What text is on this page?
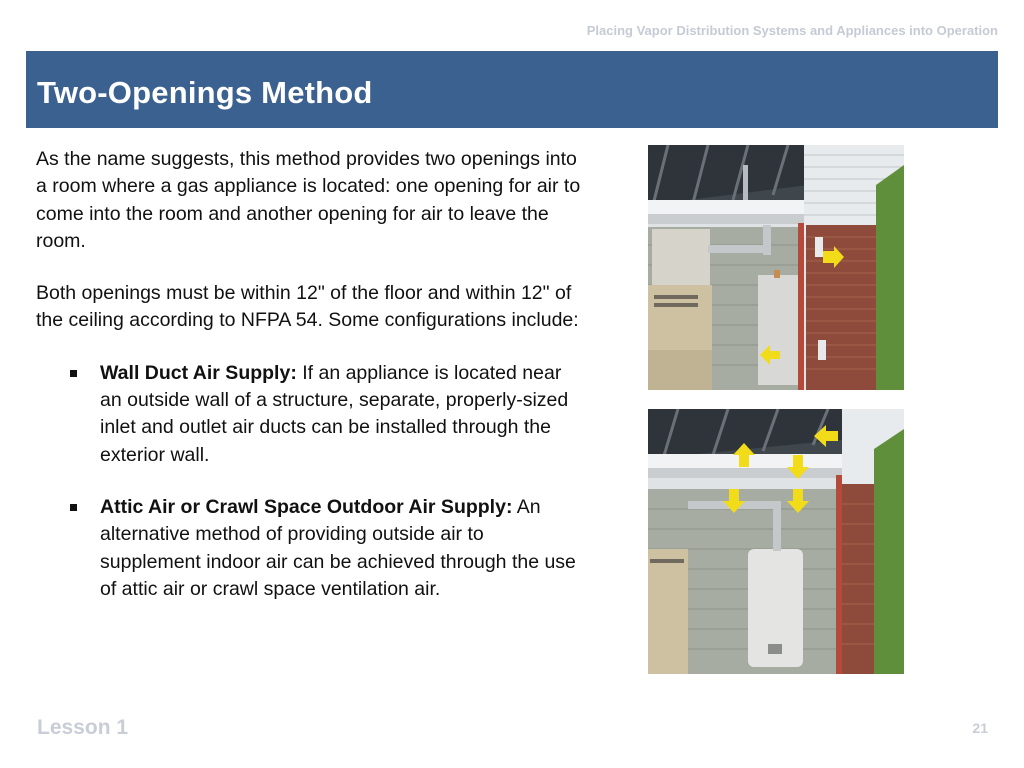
Placing Vapor Distribution Systems and Appliances into Operation
Two-Openings Method

As the name suggests, this method provides two openings into a room where a gas appliance is located: one opening for air to come into the room and another opening for air to leave the room.

Both openings must be within 12" of the floor and within 12" of the ceiling according to NFPA 54. Some configurations include:

Wall Duct Air Supply: If an appliance is located near an outside wall of a structure, separate, properly-sized inlet and outlet air ducts can be installed through the exterior wall.
Attic Air or Crawl Space Outdoor Air Supply: An alternative method of providing outside air to supplement indoor air can be achieved through the use of attic air or crawl space ventilation air.
Lesson 1	21
